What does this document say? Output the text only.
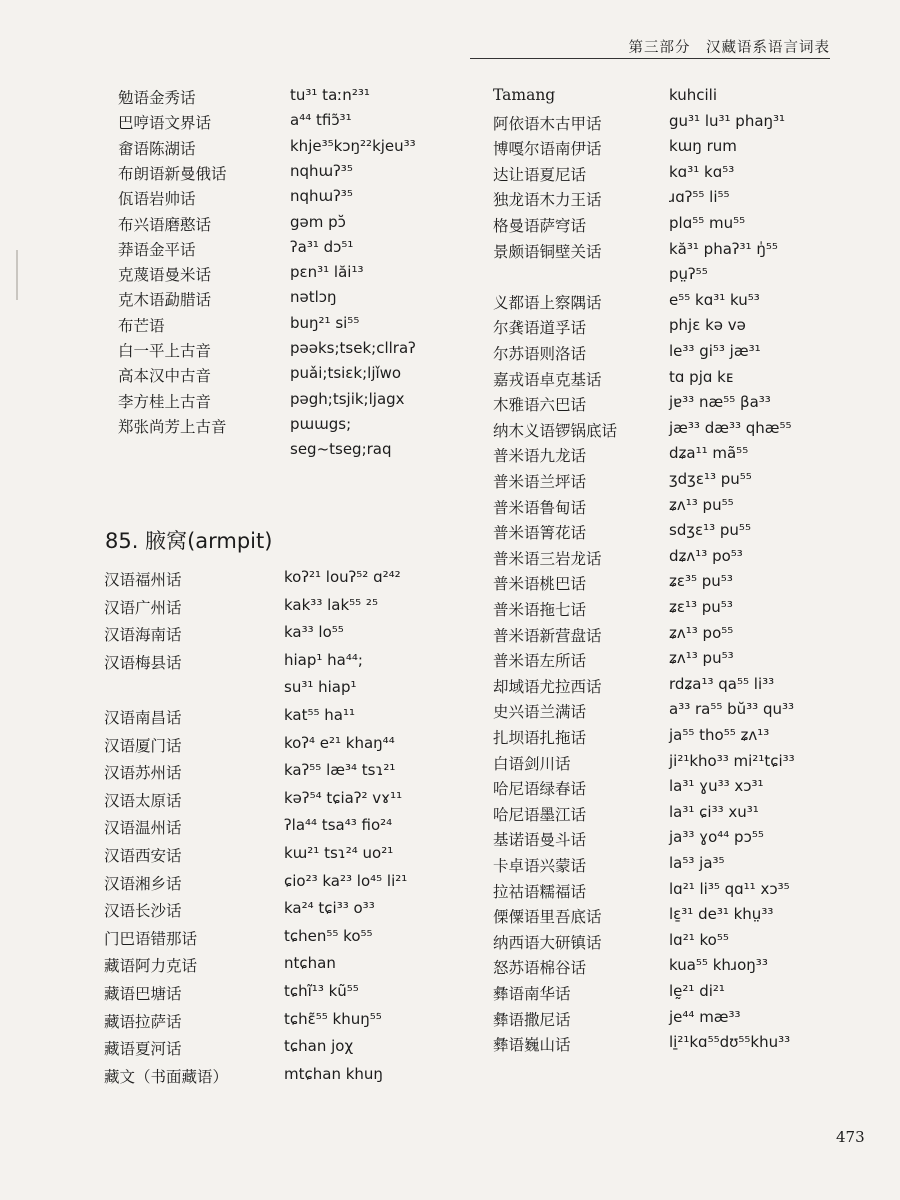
第三部分　汉藏语系语言词表
勉语金秀话	tu³¹ taːn²³¹
巴哼语文界话	a⁴⁴ tfiɔ̃³¹
畲语陈湖话	khje³⁵kɔŋ²²kjeu³³
布朗语新曼俄话	nqhɯʔ³⁵
佤语岩帅话	nqhɯʔ³⁵
布兴语磨憨话	gəm pɔ̆
莽语金平话	ʔa³¹ dɔ⁵¹
克蔑语曼米话	pɛn³¹ lăi¹³
克木语勐腊话	nətlɔŋ
布芒语	buŋ²¹ si⁵⁵
白一平上古音	pəəks;tsek;cllraʔ
高本汉中古音	puǎi;tsiɛk;ljǐwo
李方桂上古音	pəgh;tsjik;ljagx
郑张尚芳上古音	pɯɯgs;
seg~tseg;raq
85. 腋窝(armpit)
汉语福州话	koʔ²¹ louʔ⁵² ɑ²⁴²
汉语广州话	kak³³ lak⁵⁵ ²⁵
汉语海南话	ka³³ lo⁵⁵
汉语梅县话	hiap¹ ha⁴⁴;
su³¹ hiap¹
汉语南昌话	kat⁵⁵ ha¹¹
汉语厦门话	koʔ⁴ e²¹ khaŋ⁴⁴
汉语苏州话	kaʔ⁵⁵ læ³⁴ tsɿ²¹
汉语太原话	kəʔ⁵⁴ tɕiaʔ² vɤ¹¹
汉语温州话	ʔla⁴⁴ tsa⁴³ fio²⁴
汉语西安话	kɯ²¹ tsɿ²⁴ uo²¹
汉语湘乡话	ɕio²³ ka²³ lo⁴⁵ li²¹
汉语长沙话	ka²⁴ tɕi³³ o³³
门巴语错那话	tɕhen⁵⁵ ko⁵⁵
藏语阿力克话	ntɕhan
藏语巴塘话	tɕhĩ¹³ kũ⁵⁵
藏语拉萨话	tɕhɛ̃⁵⁵ khuŋ⁵⁵
藏语夏河话	tɕhan joχ
藏文（书面藏语）	mtɕhan khuŋ
Tamang	kuhcili
阿依语木古甲话	gu³¹ lu³¹ phaŋ³¹
博嘎尔语南伊话	kɯŋ rum
达让语夏尼话	kɑ³¹ kɑ⁵³
独龙语木力王话	ɹɑʔ⁵⁵ li⁵⁵
格曼语萨穹话	plɑ⁵⁵ mu⁵⁵
景颇语铜壁关话	kă³¹ phaʔ³¹ ŋ̍⁵⁵
pṳʔ⁵⁵
义都语上察隅话	e⁵⁵ kɑ³¹ ku⁵³
尔龚语道孚话	phjɛ kə və
尔苏语则洛话	le³³ gi⁵³ jæ³¹
嘉戎语卓克基话	tɑ pjɑ kᴇ
木雅语六巴话	jɐ³³ næ⁵⁵ βa³³
纳木义语锣锅底话	jæ³³ dæ³³ qhæ⁵⁵
普米语九龙话	dʑa¹¹ mã⁵⁵
普米语兰坪话	ʒdʒɛ¹³ pu⁵⁵
普米语鲁甸话	ʑʌ¹³ pu⁵⁵
普米语箐花话	sdʒɛ¹³ pu⁵⁵
普米语三岩龙话	dʑʌ¹³ po⁵³
普米语桃巴话	ʑɛ³⁵ pu⁵³
普米语拖七话	ʑɛ¹³ pu⁵³
普米语新营盘话	ʑʌ¹³ po⁵⁵
普米语左所话	ʑʌ¹³ pu⁵³
却域语尤拉西话	rdʑa¹³ qa⁵⁵ li³³
史兴语兰满话	a³³ ra⁵⁵ bŭ³³ qu³³
扎坝语扎拖话	ja⁵⁵ tho⁵⁵ ʑʌ¹³
白语剑川话	ji²¹kho³³ mi²¹tɕi³³
哈尼语绿春话	la³¹ ɣu³³ xɔ³¹
哈尼语墨江话	la³¹ ɕi³³ xu³¹
基诺语曼斗话	ja³³ ɣo⁴⁴ pɔ⁵⁵
卡卓语兴蒙话	la⁵³ ja³⁵
拉祜语糯福话	lɑ²¹ li³⁵ qɑ¹¹ xɔ³⁵
傈僳语里吾底话	lɛ̱³¹ de³¹ khṳ³³
纳西语大研镇话	lɑ²¹ ko⁵⁵
怒苏语棉谷话	kua⁵⁵ khɹoŋ³³
彝语南华话	lḛ²¹ di²¹
彝语撒尼话	je⁴⁴ mæ³³
彝语巍山话	li̱²¹kɑ⁵⁵dʊ⁵⁵khu³³
473
